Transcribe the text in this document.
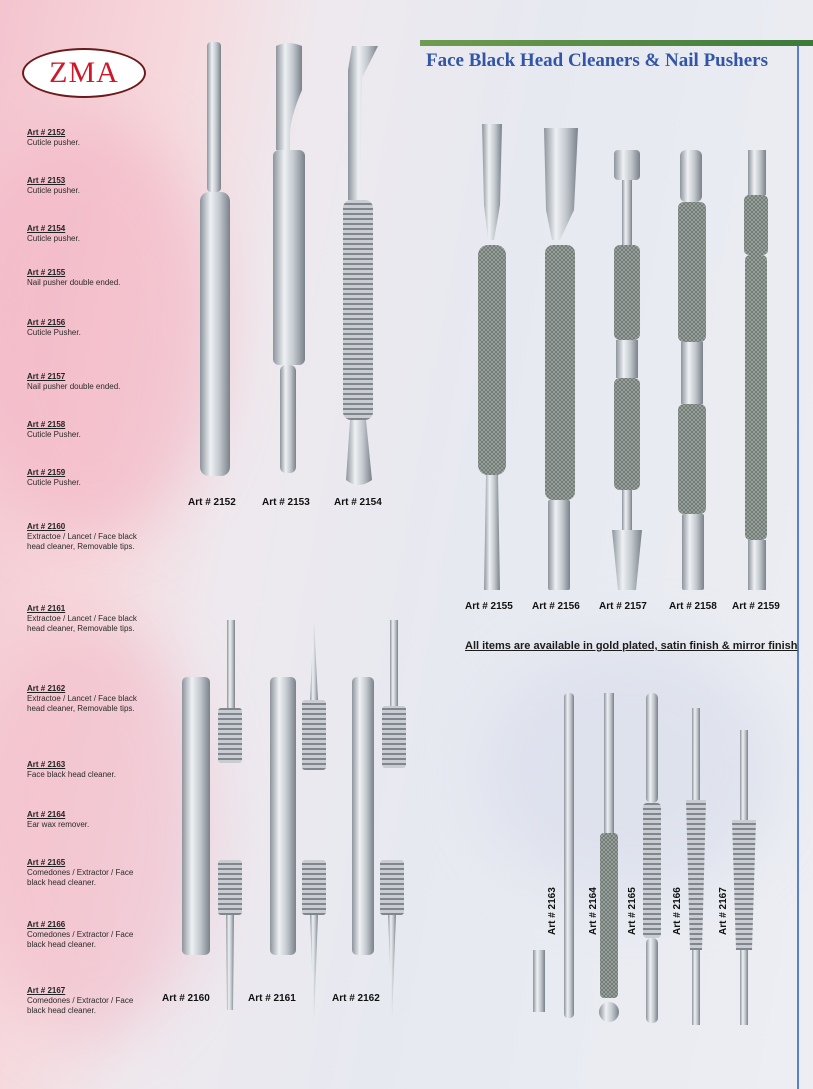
ZMA	Face Black Head Cleaners & Nail Pushers
Art # 2152
Cuticle pusher.
Art # 2153
Cuticle pusher.
Art # 2154
Cuticle pusher.
Art # 2155
Nail pusher double ended.
Art # 2156
Cuticle Pusher.
Art # 2157
Nail pusher double ended.
Art # 2158
Cuticle Pusher.
Art # 2159
Cuticle Pusher.
Art # 2160
Extractoe / Lancet / Face black head cleaner, Removable tips.
Art # 2161
Extractoe / Lancet / Face black head cleaner, Removable tips.
Art # 2162
Extractoe / Lancet / Face black head cleaner, Removable tips.
Art # 2163
Face black head cleaner.
Art # 2164
Ear wax remover.
Art # 2165
Comedones / Extractor / Face black head cleaner.
Art # 2166
Comedones / Extractor / Face black head cleaner.
Art # 2167
Comedones / Extractor / Face black head cleaner.
Art # 2152	Art # 2153 Art # 2154
Art # 2155 Art # 2156 Art # 2157 Art # 2158 Art # 2159
All items are available in gold plated, satin finish & mirror finish
Art # 2160	Art # 2161	Art # 2162
Art # 2163	Art # 2164	Art # 2165	Art # 2166	Art # 2167
